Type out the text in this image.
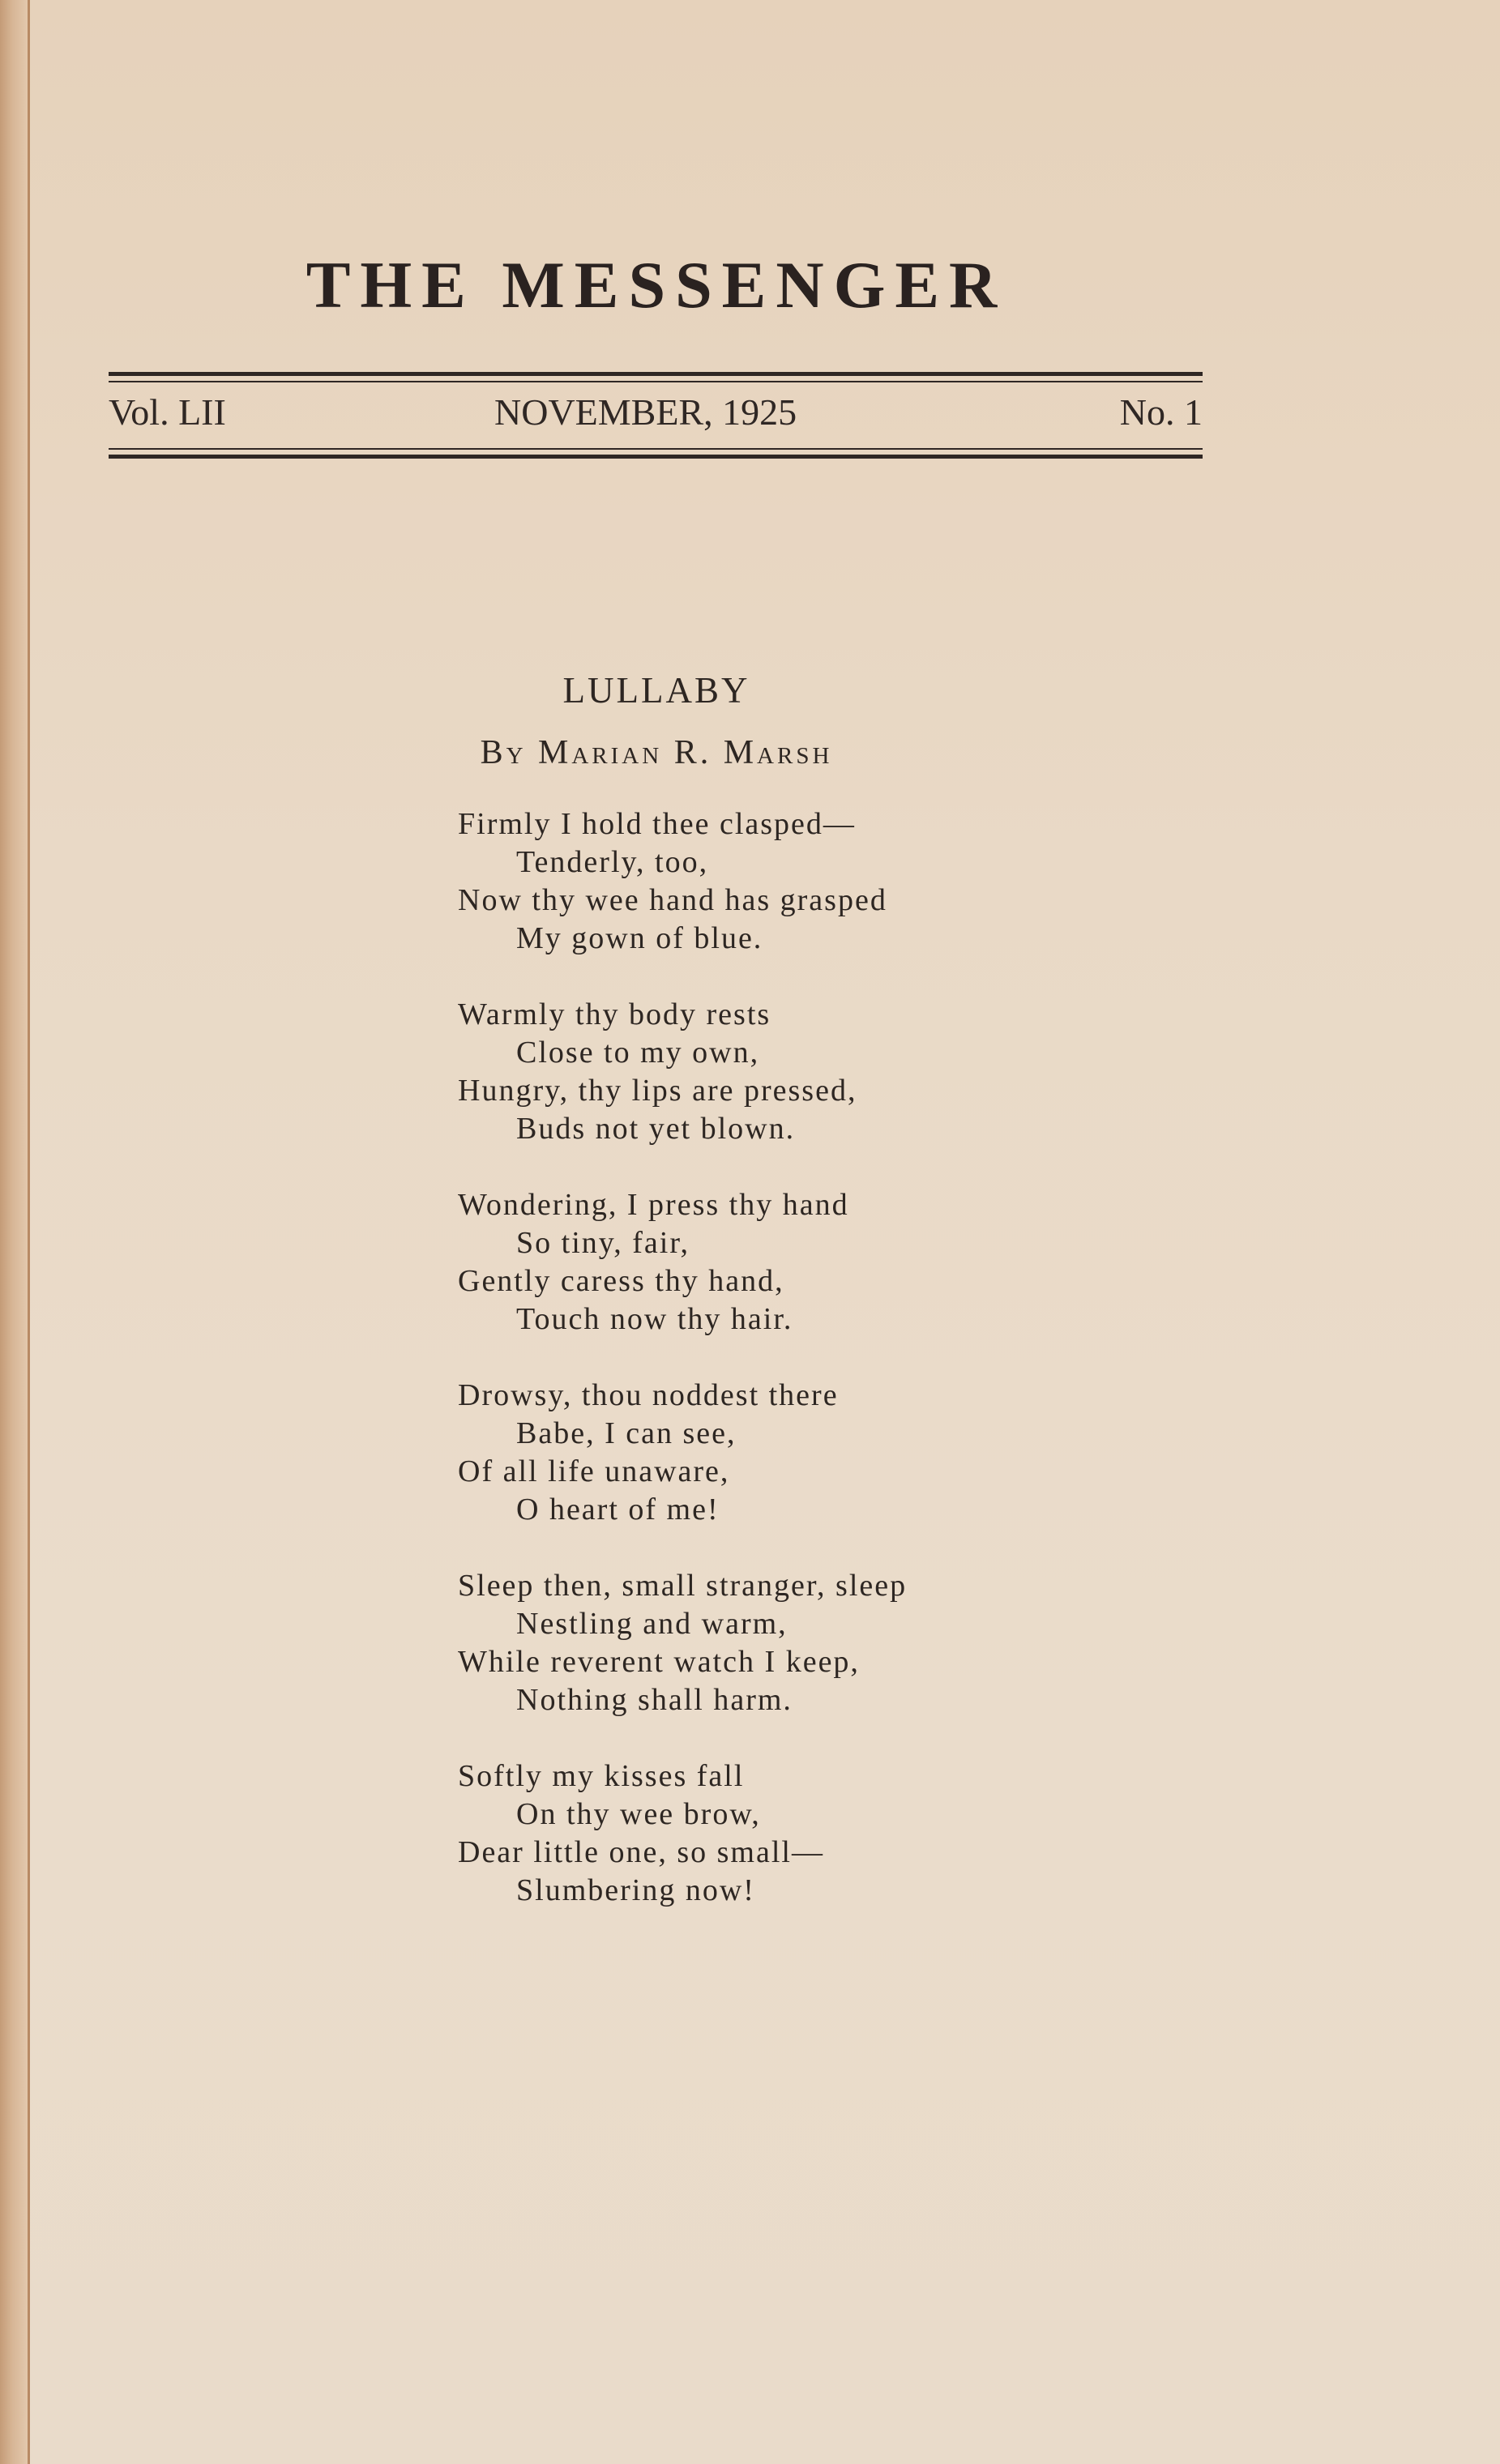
THE MESSENGER
Vol. LII	NOVEMBER, 1925	No. 1
LULLABY
By Marian R. Marsh
Firmly I hold thee clasped—
Tenderly, too,
Now thy wee hand has grasped
My gown of blue.
Warmly thy body rests
Close to my own,
Hungry, thy lips are pressed,
Buds not yet blown.
Wondering, I press thy hand
So tiny, fair,
Gently caress thy hand,
Touch now thy hair.
Drowsy, thou noddest there
Babe, I can see,
Of all life unaware,
O heart of me!
Sleep then, small stranger, sleep
Nestling and warm,
While reverent watch I keep,
Nothing shall harm.
Softly my kisses fall
On thy wee brow,
Dear little one, so small—
Slumbering now!
